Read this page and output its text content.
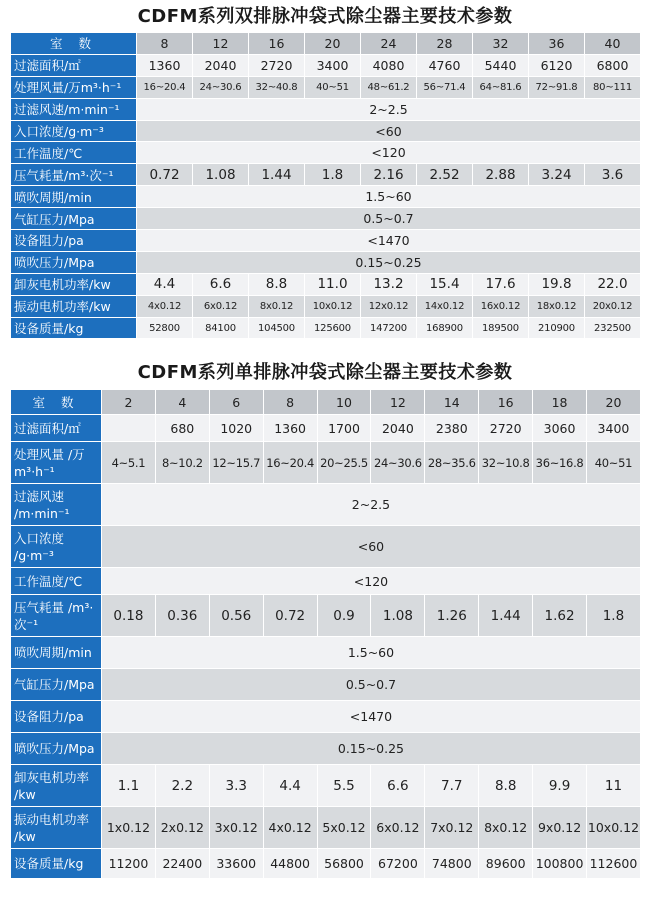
CDFM系列双排脉冲袋式除尘器主要技术参数
室 数	8	12	16	20	24	28	32	36	40
过滤面积/㎡	1360	2040	2720	3400	4080	4760	5440	6120	6800
处理风量/万m³·h⁻¹	16~20.4	24~30.6	32~40.8	40~51	48~61.2	56~71.4	64~81.6	72~91.8	80~111
过滤风速/m·min⁻¹	2~2.5								
入口浓度/g·m⁻³	<60								
工作温度/℃	<120								
压气耗量/m³·次⁻¹	0.72	1.08	1.44	1.8	2.16	2.52	2.88	3.24	3.6
喷吹周期/min	1.5~60								
气缸压力/Mpa	0.5~0.7								
设备阻力/pa	<1470								
喷吹压力/Mpa	0.15~0.25								
卸灰电机功率/kw	4.4	6.6	8.8	11.0	13.2	15.4	17.6	19.8	22.0
振动电机功率/kw	4x0.12	6x0.12	8x0.12	10x0.12	12x0.12	14x0.12	16x0.12	18x0.12	20x0.12
设备质量/kg	52800	84100	104500	125600	147200	168900	189500	210900	232500
CDFM系列单排脉冲袋式除尘器主要技术参数
室 数	2	4	6	8	10	12	14	16	18	20
过滤面积/㎡		680	1020	1360	1700	2040	2380	2720	3060	3400
处理风量 /万m³·h⁻¹	4~5.1	8~10.2	12~15.7	16~20.4	20~25.5	24~30.6	28~35.6	32~10.8	36~16.8	40~51
过滤风速 /m·min⁻¹	2~2.5									
入口浓度 /g·m⁻³	<60									
工作温度/℃	<120									
压气耗量 /m³·次⁻¹	0.18	0.36	0.56	0.72	0.9	1.08	1.26	1.44	1.62	1.8
喷吹周期/min	1.5~60									
气缸压力/Mpa	0.5~0.7									
设备阻力/pa	<1470									
喷吹压力/Mpa	0.15~0.25									
卸灰电机功率 /kw	1.1	2.2	3.3	4.4	5.5	6.6	7.7	8.8	9.9	11
振动电机功率 /kw	1x0.12	2x0.12	3x0.12	4x0.12	5x0.12	6x0.12	7x0.12	8x0.12	9x0.12	10x0.12
设备质量/kg	11200	22400	33600	44800	56800	67200	74800	89600	100800	112600
